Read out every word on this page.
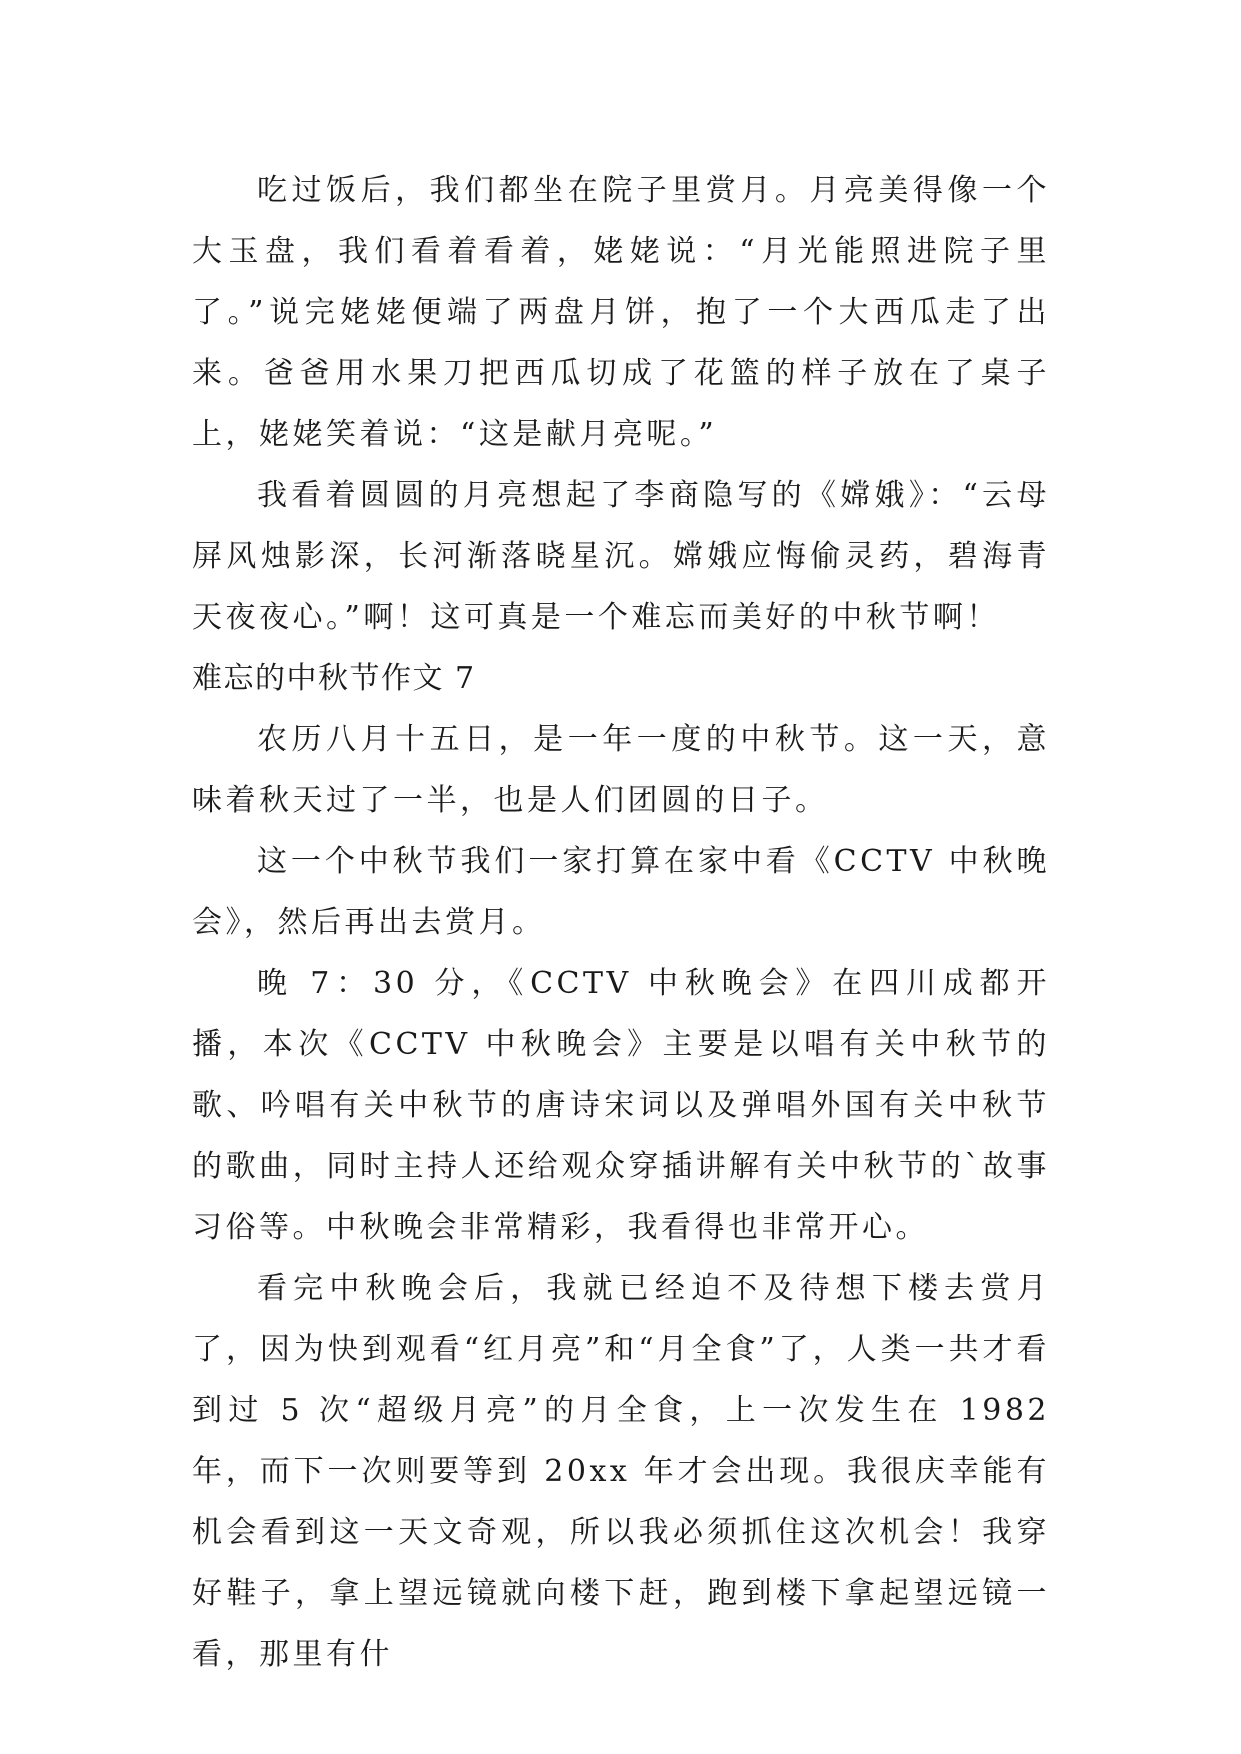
吃过饭后，我们都坐在院子里赏月。月亮美得像一个大玉盘，我们看着看着，姥姥说：“月光能照进院子里了。”说完姥姥便端了两盘月饼，抱了一个大西瓜走了出来。爸爸用水果刀把西瓜切成了花篮的样子放在了桌子上，姥姥笑着说：“这是献月亮呢。”

我看着圆圆的月亮想起了李商隐写的《嫦娥》：“云母屏风烛影深，长河渐落晓星沉。嫦娥应悔偷灵药，碧海青天夜夜心。”啊！这可真是一个难忘而美好的中秋节啊！

难忘的中秋节作文 7

农历八月十五日，是一年一度的中秋节。这一天，意味着秋天过了一半，也是人们团圆的日子。

这一个中秋节我们一家打算在家中看《CCTV 中秋晚会》，然后再出去赏月。

晚 7：30 分，《CCTV 中秋晚会》在四川成都开播，本次《CCTV 中秋晚会》主要是以唱有关中秋节的歌、吟唱有关中秋节的唐诗宋词以及弹唱外国有关中秋节的歌曲，同时主持人还给观众穿插讲解有关中秋节的`故事习俗等。中秋晚会非常精彩，我看得也非常开心。

看完中秋晚会后，我就已经迫不及待想下楼去赏月了，因为快到观看“红月亮”和“月全食”了，人类一共才看到过 5 次“超级月亮”的月全食，上一次发生在 1982 年，而下一次则要等到 20xx 年才会出现。我很庆幸能有机会看到这一天文奇观，所以我必须抓住这次机会！我穿好鞋子，拿上望远镜就向楼下赶，跑到楼下拿起望远镜一看，那里有什
